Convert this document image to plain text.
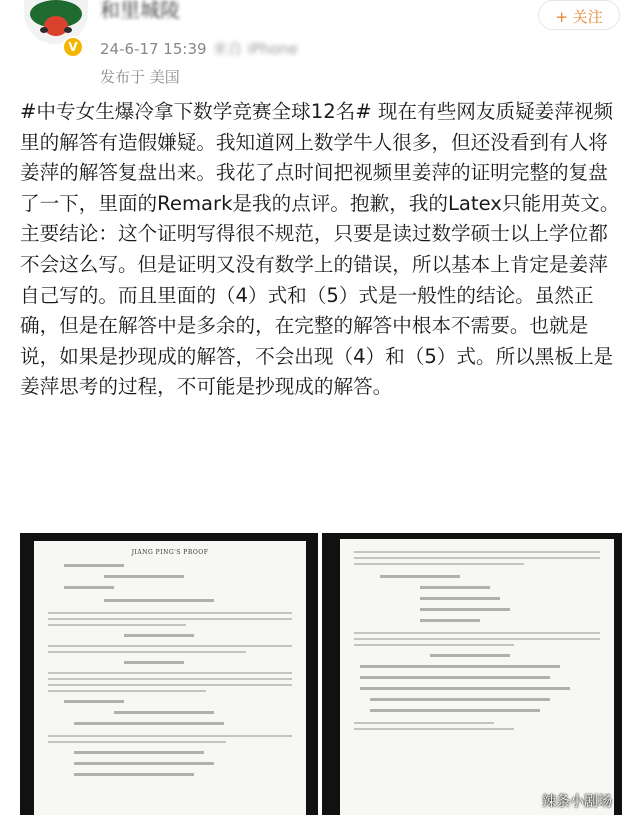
V
和里城陵
24-6-17 15:39 来自 iPhone
发布于 美国
+ 关注
#中专女生爆冷拿下数学竞赛全球12名# 现在有些网友质疑姜萍视频里的解答有造假嫌疑。我知道网上数学牛人很多，但还没看到有人将姜萍的解答复盘出来。我花了点时间把视频里姜萍的证明完整的复盘了一下，里面的Remark是我的点评。抱歉，我的Latex只能用英文。主要结论：这个证明写得很不规范，只要是读过数学硕士以上学位都不会这么写。但是证明又没有数学上的错误，所以基本上肯定是姜萍自己写的。而且里面的（4）式和（5）式是一般性的结论。虽然正确，但是在解答中是多余的，在完整的解答中根本不需要。也就是说，如果是抄现成的解答，不会出现（4）和（5）式。所以黑板上是姜萍思考的过程，不可能是抄现成的解答。
JIANG PING'S PROOF
辣条小剧场
